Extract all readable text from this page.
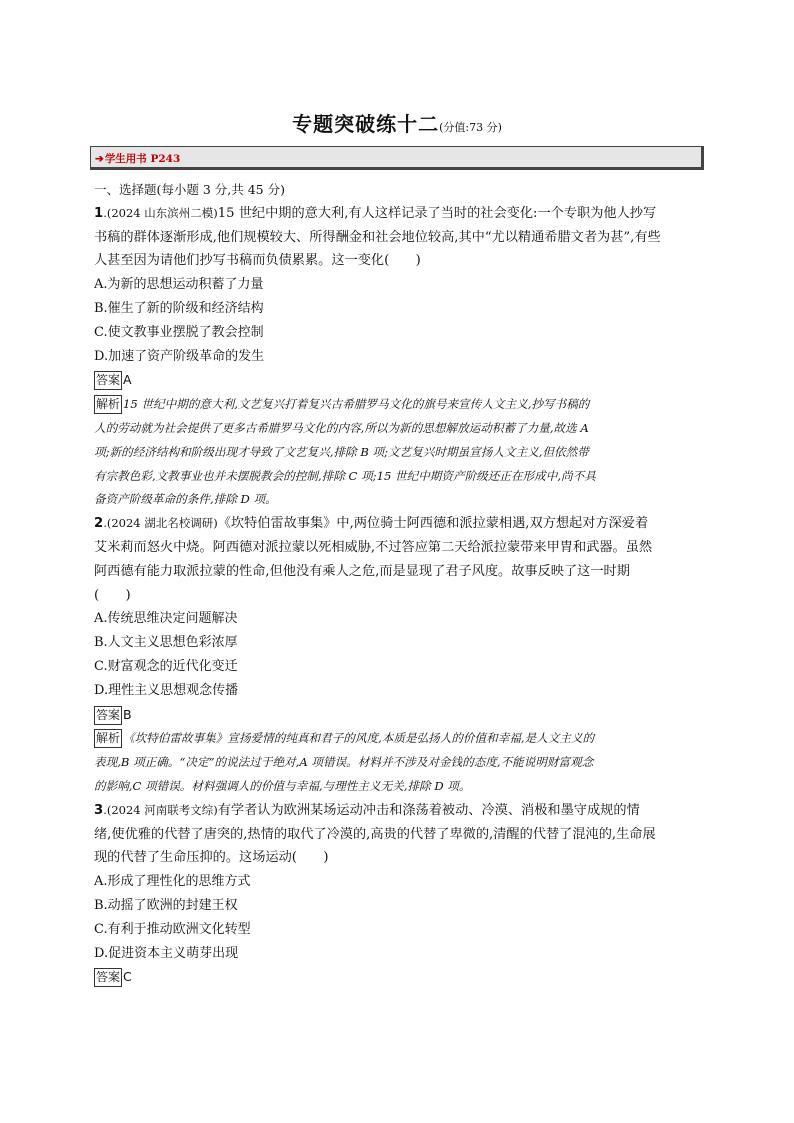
专题突破练十二(分值:73 分)
➔学生用书 P243
一、选择题(每小题 3 分,共 45 分)
1.(2024 山东滨州二模)15 世纪中期的意大利,有人这样记录了当时的社会变化:一个专职为他人抄写
书稿的群体逐渐形成,他们规模较大、所得酬金和社会地位较高,其中“尤以精通希腊文者为甚”,有些
人甚至因为请他们抄写书稿而负债累累。这一变化(　　)
A.为新的思想运动积蓄了力量
B.催生了新的阶级和经济结构
C.使文教事业摆脱了教会控制
D.加速了资产阶级革命的发生
答案 A
解析 15 世纪中期的意大利,文艺复兴打着复兴古希腊罗马文化的旗号来宣传人文主义,抄写书稿的
人的劳动就为社会提供了更多古希腊罗马文化的内容,所以为新的思想解放运动积蓄了力量,故选 A
项;新的经济结构和阶级出现才导致了文艺复兴,排除 B 项;文艺复兴时期虽宣扬人文主义,但依然带
有宗教色彩,文教事业也并未摆脱教会的控制,排除 C 项;15 世纪中期资产阶级还正在形成中,尚不具
备资产阶级革命的条件,排除 D 项。
2.(2024 湖北名校调研)《坎特伯雷故事集》中,两位骑士阿西德和派拉蒙相遇,双方想起对方深爱着
艾米莉而怒火中烧。阿西德对派拉蒙以死相威胁,不过答应第二天给派拉蒙带来甲胄和武器。虽然
阿西德有能力取派拉蒙的性命,但他没有乘人之危,而是显现了君子风度。故事反映了这一时期
(　　)
A.传统思维决定问题解决
B.人文主义思想色彩浓厚
C.财富观念的近代化变迁
D.理性主义思想观念传播
答案 B
解析 《坎特伯雷故事集》宣扬爱情的纯真和君子的风度,本质是弘扬人的价值和幸福,是人文主义的
表现,B 项正确。“决定”的说法过于绝对,A 项错误。材料并不涉及对金钱的态度,不能说明财富观念
的影响,C 项错误。材料强调人的价值与幸福,与理性主义无关,排除 D 项。
3.(2024 河南联考文综)有学者认为欧洲某场运动冲击和涤荡着被动、冷漠、消极和墨守成规的情
绪,使优雅的代替了唐突的,热情的取代了冷漠的,高贵的代替了卑微的,清醒的代替了混沌的,生命展
现的代替了生命压抑的。这场运动(　　)
A.形成了理性化的思维方式
B.动摇了欧洲的封建王权
C.有利于推动欧洲文化转型
D.促进资本主义萌芽出现
答案 C
